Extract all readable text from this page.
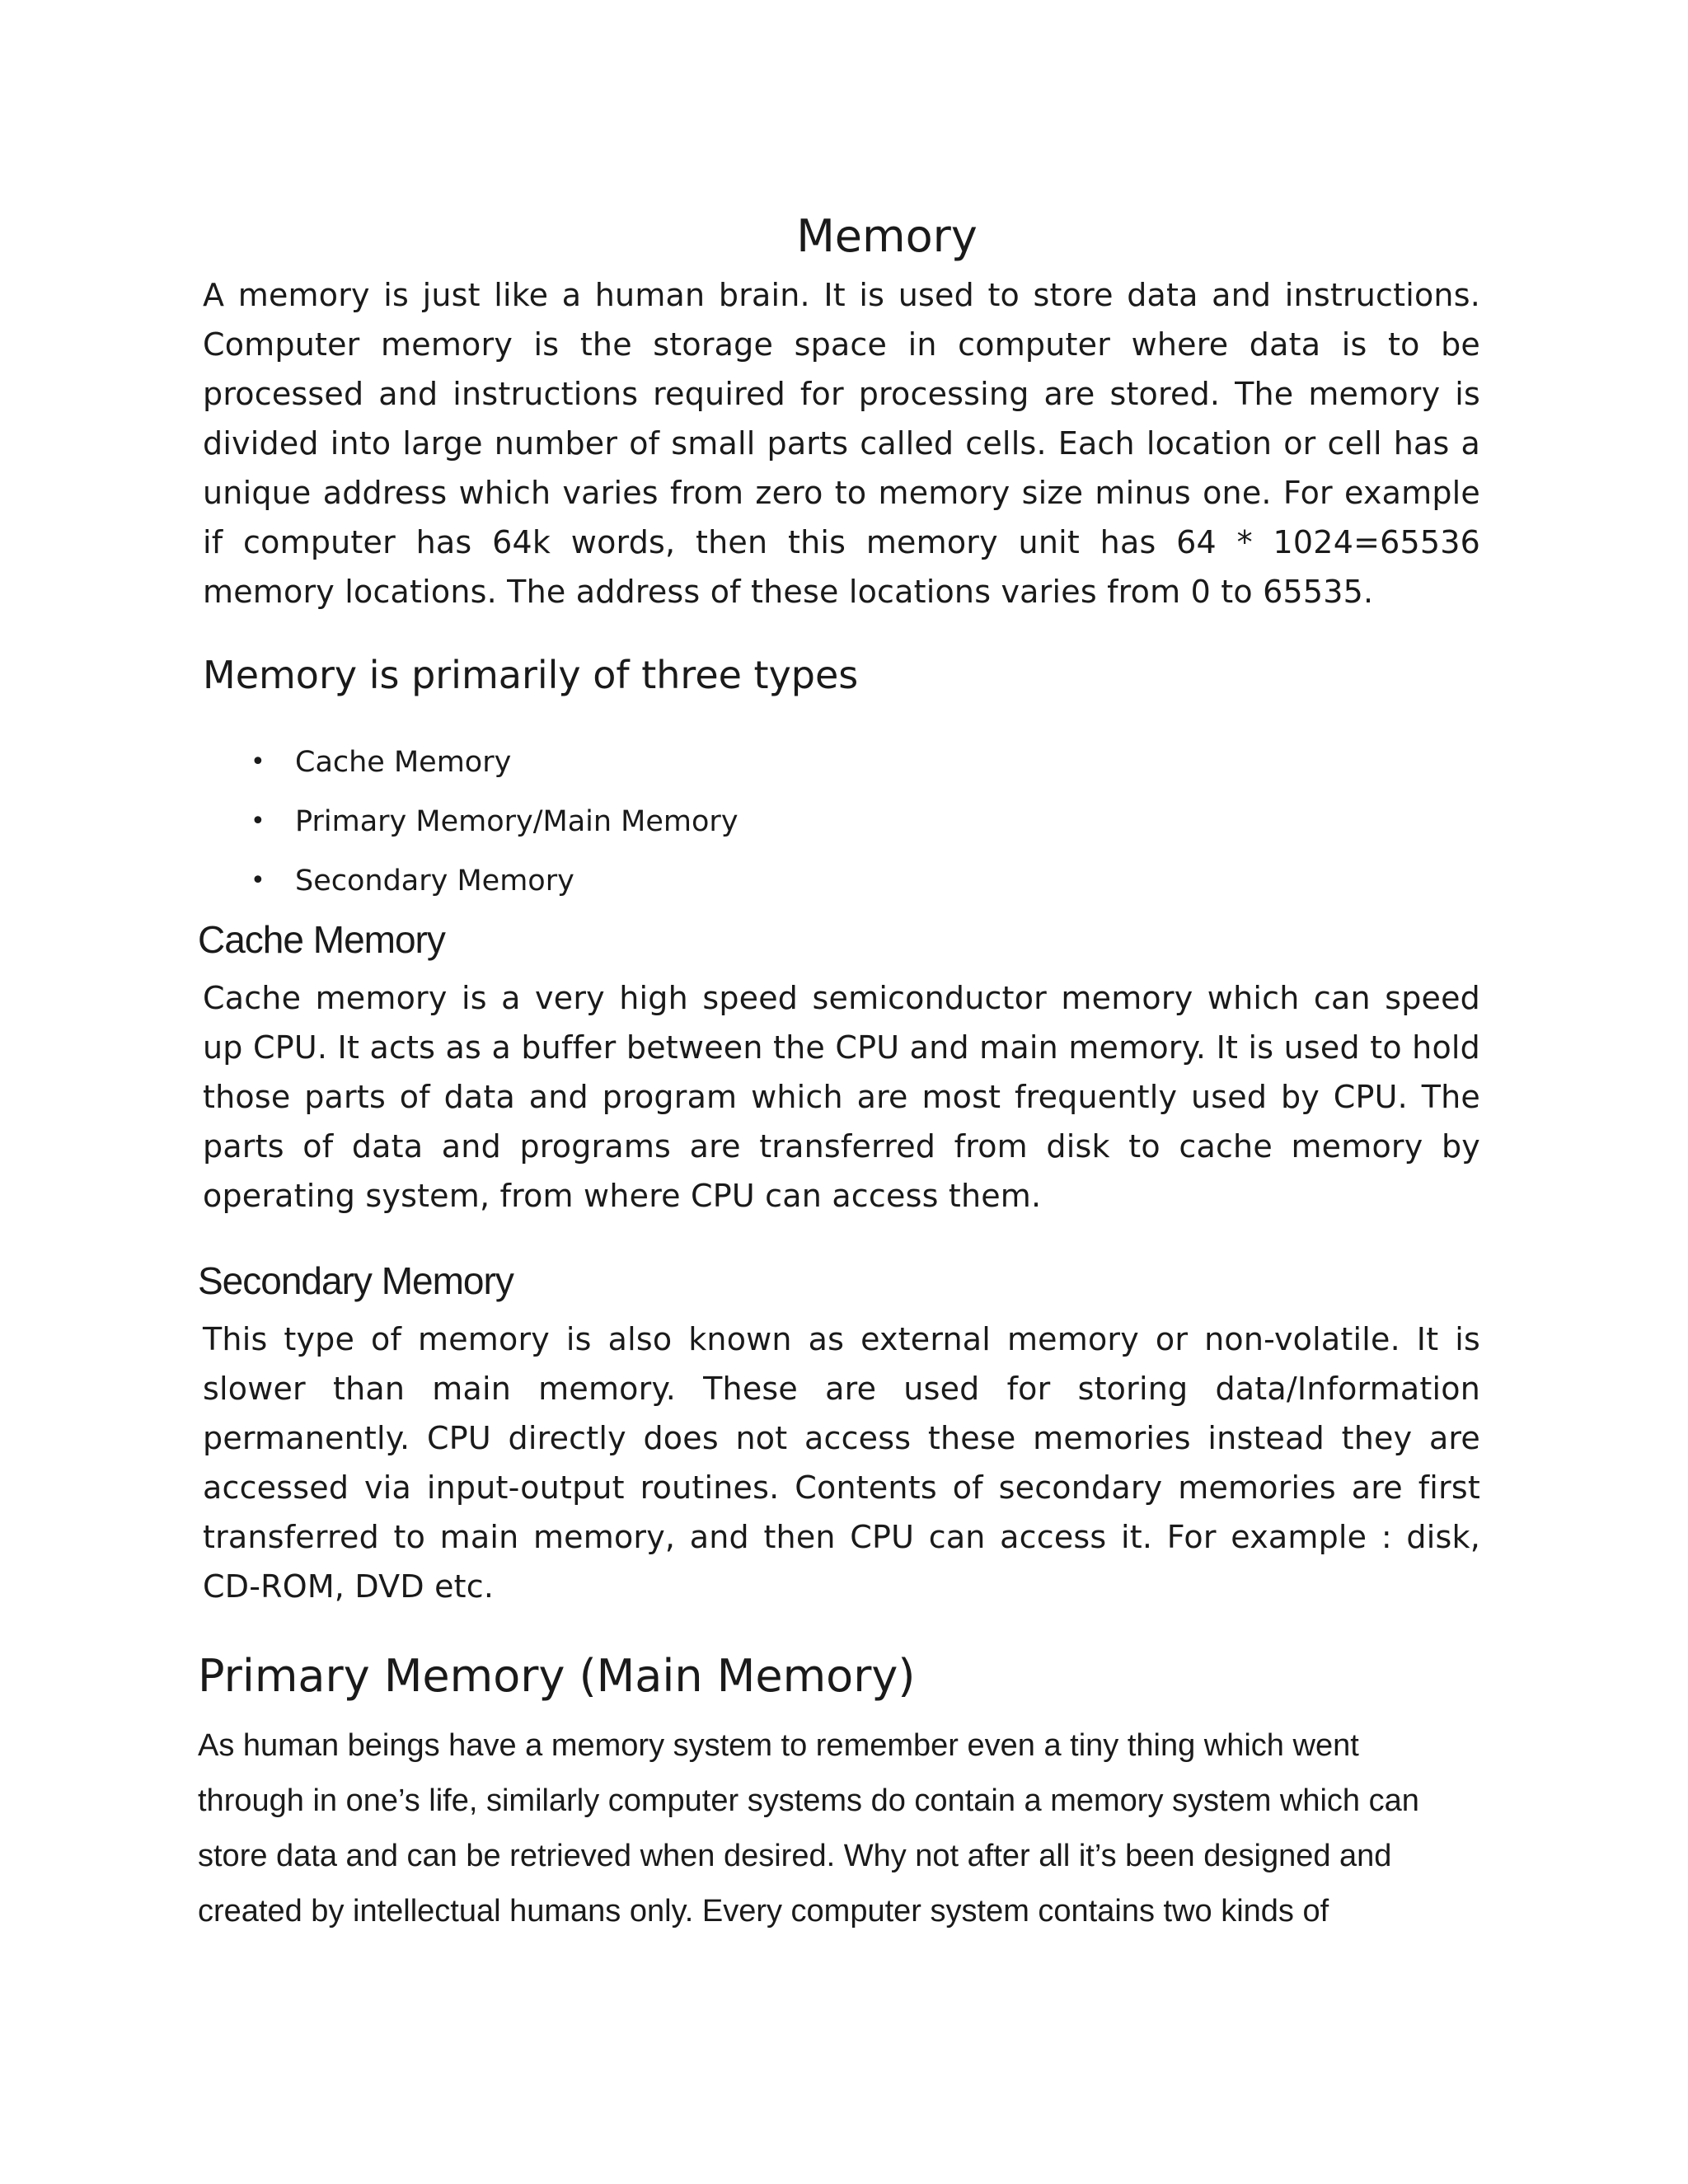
Memory

A memory is just like a human brain. It is used to store data and instructions. Computer memory is the storage space in computer where data is to be processed and instructions required for processing are stored. The memory is divided into large number of small parts called cells. Each location or cell has a unique address which varies from zero to memory size minus one. For example if computer has 64k words, then this memory unit has 64 * 1024=65536 memory locations. The address of these locations varies from 0 to 65535.

Memory is primarily of three types
• Cache Memory
• Primary Memory/Main Memory
• Secondary Memory
Cache Memory

Cache memory is a very high speed semiconductor memory which can speed up CPU. It acts as a buffer between the CPU and main memory. It is used to hold those parts of data and program which are most frequently used by CPU. The parts of data and programs are transferred from disk to cache memory by operating system, from where CPU can access them.

Secondary Memory

This type of memory is also known as external memory or non-volatile. It is slower than main memory. These are used for storing data/Information permanently. CPU directly does not access these memories instead they are accessed via input-output routines. Contents of secondary memories are first transferred to main memory, and then CPU can access it. For example : disk, CD-ROM, DVD etc.

Primary Memory (Main Memory)

As human beings have a memory system to remember even a tiny thing which went through in one’s life, similarly computer systems do contain a memory system which can store data and can be retrieved when desired. Why not after all it’s been designed and created by intellectual humans only. Every computer system contains two kinds of
